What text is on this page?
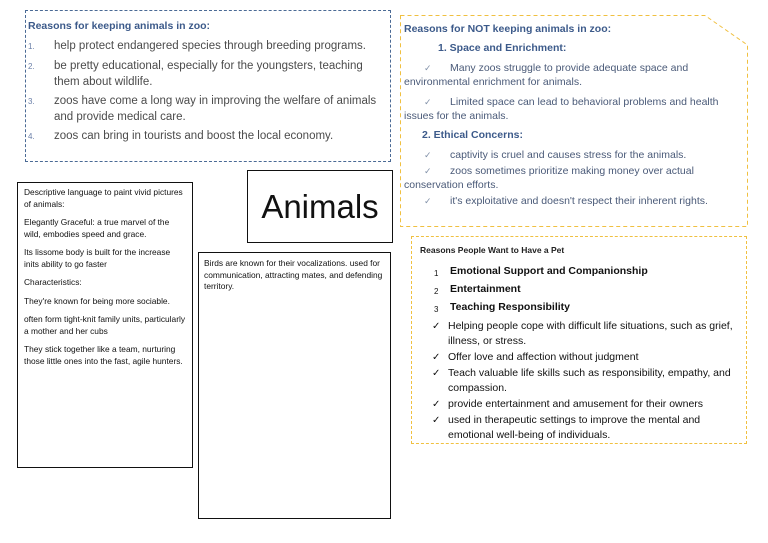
Reasons for keeping animals in zoo:
1.	help protect endangered species through breeding programs.
2.	be pretty educational, especially for the youngsters, teaching them about wildlife.
3.	zoos have come a long way in improving the welfare of animals and provide medical care.
4.	zoos can bring in tourists and boost the local economy.
Reasons for NOT keeping animals in zoo:
1. Space and Enrichment:
✓ Many zoos struggle to provide adequate space and environmental enrichment for animals.
✓ Limited space can lead to behavioral problems and health issues for the animals.
2. Ethical Concerns:
✓ captivity is cruel and causes stress for the animals.
✓ zoos sometimes prioritize making money over actual conservation efforts.
✓ it's exploitative and doesn't respect their inherent rights.
Reasons People Want to Have a Pet
1	Emotional Support and Companionship
2	Entertainment
3	Teaching Responsibility
✓ Helping people cope with difficult life situations, such as grief, illness, or stress.
✓ Offer love and affection without judgment
✓ Teach valuable life skills such as responsibility, empathy, and compassion.
✓ provide entertainment and amusement for their owners
✓ used in therapeutic settings to improve the mental and emotional well-being of individuals.

Descriptive language to paint vivid pictures of animals:

Elegantly Graceful: a true marvel of the wild, embodies speed and grace.

Its lissome body is built for the increase inits ability to go faster

Characteristics:

They're known for being more sociable.

often form tight-knit family units, particularly a mother and her cubs

They stick together like a team, nurturing those little ones into the fast, agile hunters.

Animals

Birds are known for their vocalizations. used for communication, attracting mates, and defending territory.
